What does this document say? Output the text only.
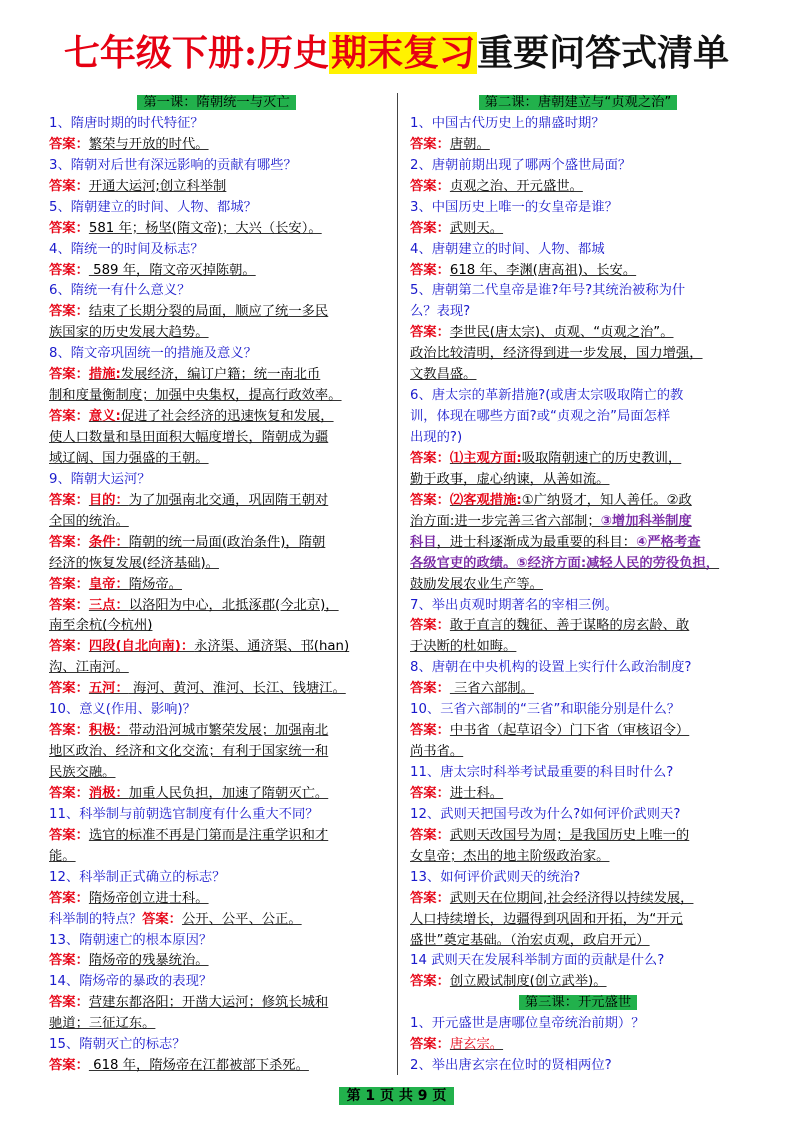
七年级下册:历史期末复习重要问答式清单
第一课：隋朝统一与灭亡
1、隋唐时期的时代特征？
答案：繁荣与开放的时代。
3、隋朝对后世有深远影响的贡献有哪些？
答案：开通大运河;创立科举制
5、隋朝建立的时间、人物、都城？
答案：581 年；杨坚(隋文帝)；大兴（长安）。
4、隋统一的时间及标志？
答案： 589 年，隋文帝灭掉陈朝。
6、隋统一有什么意义？
答案：结束了长期分裂的局面，顺应了统一多民
族国家的历史发展大趋势。
8、隋文帝巩固统一的措施及意义？
答案：措施:发展经济，编订户籍；统一南北币
制和度量衡制度；加强中央集权，提高行政效率。
答案：意义:促进了社会经济的迅速恢复和发展，
使人口数量和垦田面积大幅度增长，隋朝成为疆
域辽阔、国力强盛的王朝。
9、隋朝大运河？
答案：目的：为了加强南北交通，巩固隋王朝对
全国的统治。
答案：条件：隋朝的统一局面(政治条件)，隋朝
经济的恢复发展(经济基础)。
答案：皇帝：隋炀帝。
答案：三点：以洛阳为中心，北抵涿郡(今北京)，
南至余杭(今杭州)
答案：四段(自北向南)：永济渠、通济渠、邗(han)
沟、江南河。
答案：五河： 海河、黄河、淮河、长江、钱塘江。
10、意义(作用、影响)？
答案：积极：带动沿河城市繁荣发展；加强南北
地区政治、经济和文化交流；有利于国家统一和
民族交融。
答案：消极：加重人民负担，加速了隋朝灭亡。
11、科举制与前朝选官制度有什么重大不同？
答案：选官的标准不再是门第而是注重学识和才
能。
12、科举制正式确立的标志？
答案：隋炀帝创立进士科。
科举制的特点？答案：公开、公平、公正。
13、隋朝速亡的根本原因？
答案：隋炀帝的残暴统治。
14、隋炀帝的暴政的表现？
答案：营建东都洛阳；开凿大运河；修筑长城和
驰道；三征辽东。
15、隋朝灭亡的标志？
答案： 618 年，隋炀帝在江都被部下杀死。
第二课：唐朝建立与“贞观之治”
1、中国古代历史上的鼎盛时期？
答案：唐朝。
2、唐朝前期出现了哪两个盛世局面？
答案：贞观之治、开元盛世。
3、中国历史上唯一的女皇帝是谁？
答案：武则天。
4、唐朝建立的时间、人物、都城
答案：618 年、李渊(唐高祖)、长安。
5、唐朝第二代皇帝是谁?年号?其统治被称为什
么？表现?
答案：李世民(唐太宗)、贞观、“贞观之治”。
政治比较清明，经济得到进一步发展，国力增强，
文教昌盛。
6、唐太宗的革新措施?(或唐太宗吸取隋亡的教
训，体现在哪些方面?或“贞观之治”局面怎样
出现的?)
答案：⑴主观方面:吸取隋朝速亡的历史教训，
勤于政事，虚心纳谏，从善如流。
答案：⑵客观措施:①广纳贤才，知人善任。②政
治方面:进一步完善三省六部制；③增加科举制度
科目，进士科逐渐成为最重要的科目：④严格考查
各级官吏的政绩。⑤经济方面:减轻人民的劳役负担，
鼓励发展农业生产等。
7、举出贞观时期著名的宰相三例。
答案：敢于直言的魏征、善于谋略的房玄龄、敢
于决断的杜如晦。
8、唐朝在中央机构的设置上实行什么政治制度?
答案： 三省六部制。
10、三省六部制的“三省”和职能分别是什么？
答案：中书省（起草诏令）门下省（审核诏令）
尚书省。
11、唐太宗时科举考试最重要的科目时什么?
答案：进士科。
12、武则天把国号改为什么?如何评价武则天?
答案：武则天改国号为周；是我国历史上唯一的
女皇帝；杰出的地主阶级政治家。
13、如何评价武则天的统治?
答案：武则天在位期间,社会经济得以持续发展，
人口持续增长，边疆得到巩固和开拓，为“开元
盛世”奠定基础。（治宏贞观，政启开元）
14 武则天在发展科举制方面的贡献是什么?
答案：创立殿试制度(创立武举)。
第三课：开元盛世
1、开元盛世是唐哪位皇帝统治前期）？
答案：唐玄宗。
2、举出唐玄宗在位时的贤相两位?
第 1 页 共 9 页
